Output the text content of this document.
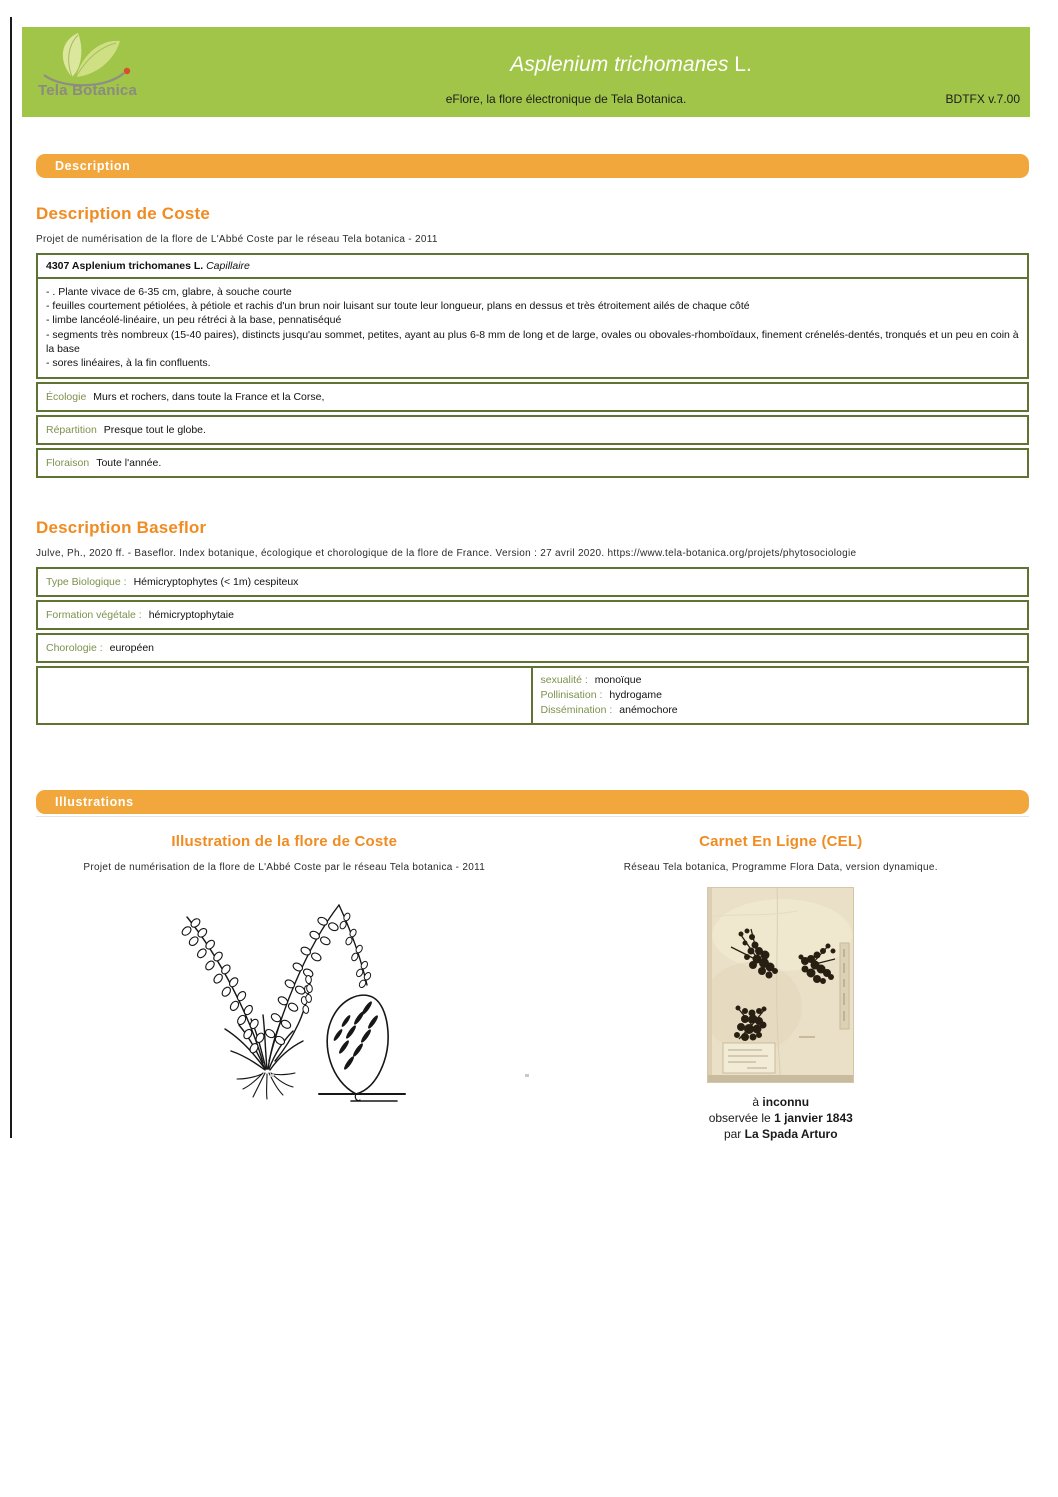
Tela Botanica
Asplenium trichomanes L.
eFlore, la flore électronique de Tela Botanica.	BDTFX v.7.00
Description
Description de Coste
Projet de numérisation de la flore de L'Abbé Coste par le réseau Tela botanica - 2011
4307 Asplenium trichomanes L. Capillaire
- . Plante vivace de 6-35 cm, glabre, à souche courte
- feuilles courtement pétiolées, à pétiole et rachis d'un brun noir luisant sur toute leur longueur, plans en dessus et très étroitement ailés de chaque côté
- limbe lancéolé-linéaire, un peu rétréci à la base, pennatiséqué
- segments très nombreux (15-40 paires), distincts jusqu'au sommet, petites, ayant au plus 6-8 mm de long et de large, ovales ou obovales-rhomboïdaux, finement crénelés-dentés, tronqués et un peu en coin à la base
- sores linéaires, à la fin confluents.
Écologie Murs et rochers, dans toute la France et la Corse,
Répartition Presque tout le globe.
Floraison Toute l'année.
Description Baseflor
Julve, Ph., 2020 ff. - Baseflor. Index botanique, écologique et chorologique de la flore de France. Version : 27 avril 2020. https://www.tela-botanica.org/projets/phytosociologie
Type Biologique : Hémicryptophytes (< 1m) cespiteux
Formation végétale : hémicryptophytaie
Chorologie : européen
sexualité : monoïque
Pollinisation : hydrogame
Dissémination : anémochore
Illustrations
Illustration de la flore de Coste
Projet de numérisation de la flore de L'Abbé Coste par le réseau Tela botanica - 2011
Carnet En Ligne (CEL)
Réseau Tela botanica, Programme Flora Data, version dynamique.
à inconnu
observée le 1 janvier 1843
par La Spada Arturo
